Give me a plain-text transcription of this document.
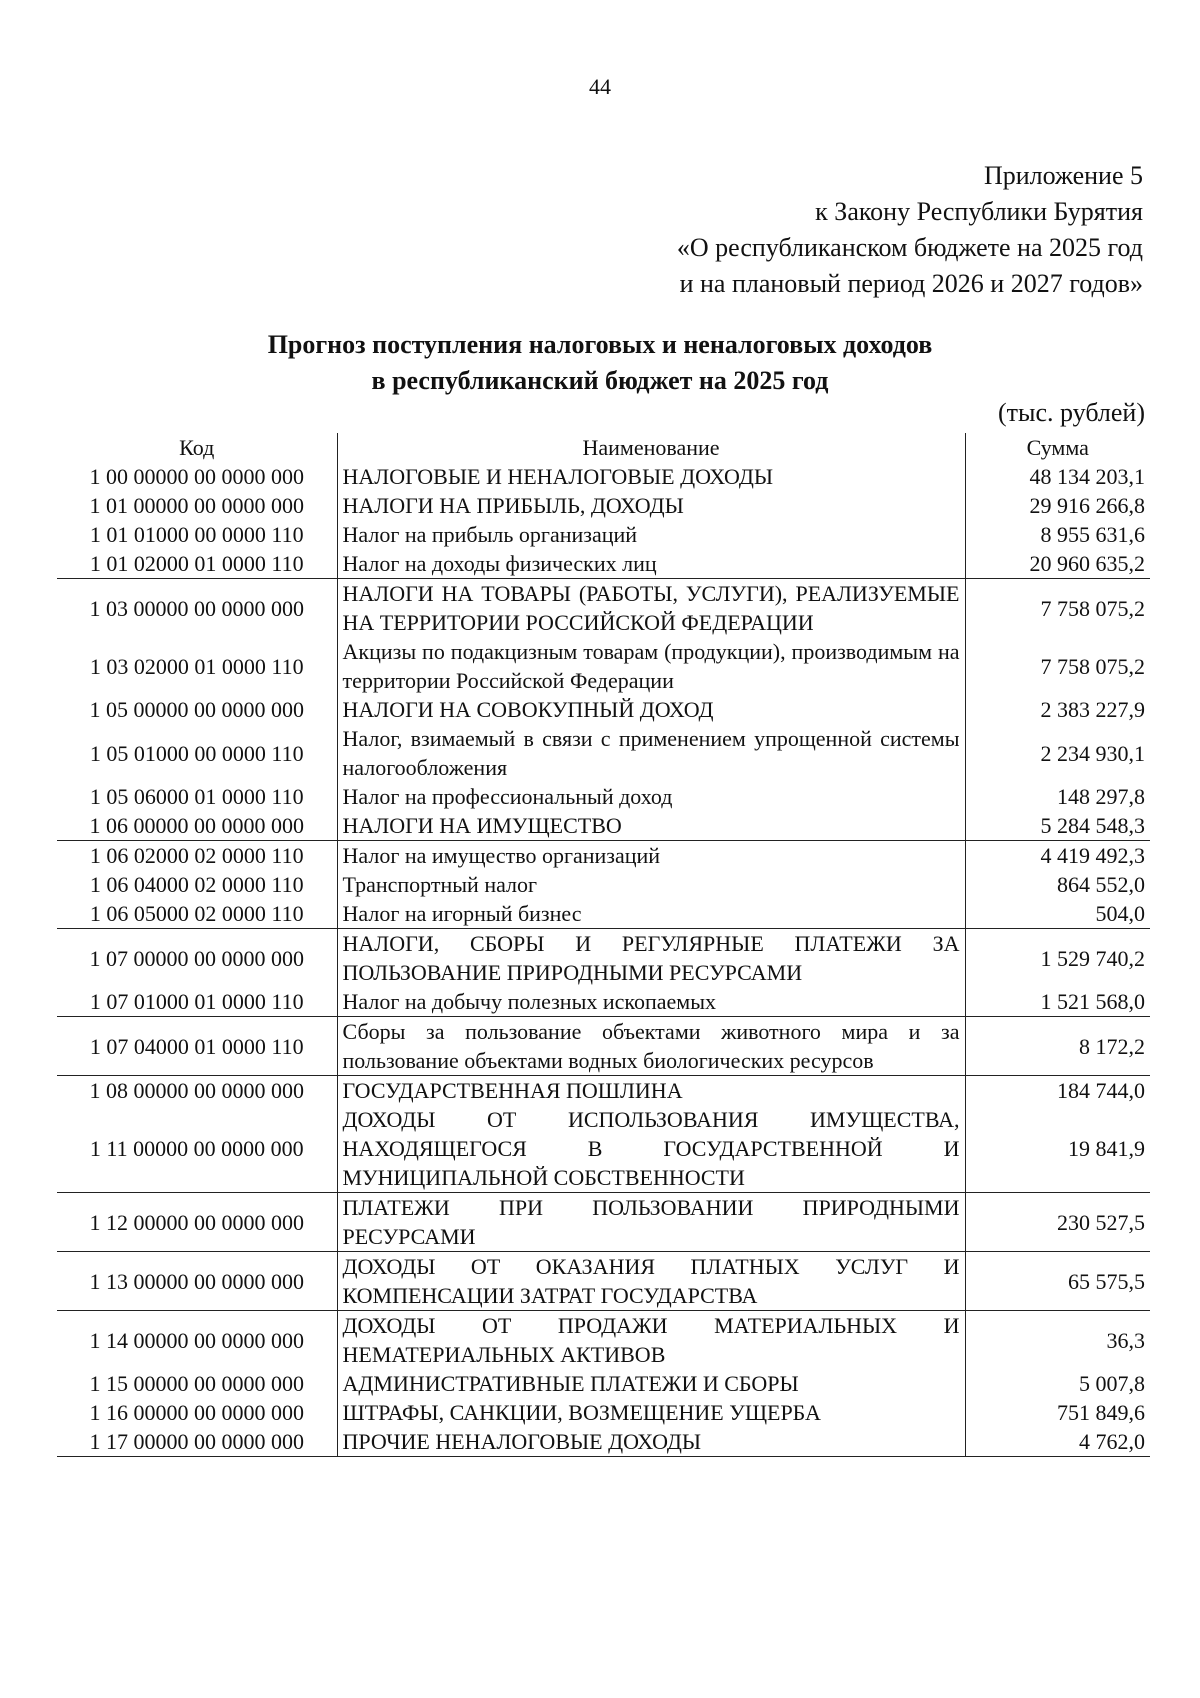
44
Приложение 5
к Закону Республики Бурятия
«О республиканском бюджете на 2025 год
и на плановый период 2026 и 2027 годов»
Прогноз поступления налоговых и неналоговых доходов
в республиканский бюджет на 2025 год
(тыс. рублей)
Код	Наименование	Сумма
1 00 00000 00 0000 000	НАЛОГОВЫЕ И НЕНАЛОГОВЫЕ ДОХОДЫ	48 134 203,1
1 01 00000 00 0000 000	НАЛОГИ НА ПРИБЫЛЬ, ДОХОДЫ	29 916 266,8
1 01 01000 00 0000 110	Налог на прибыль организаций	8 955 631,6
1 01 02000 01 0000 110	Налог на доходы физических лиц	20 960 635,2
1 03 00000 00 0000 000	НАЛОГИ НА ТОВАРЫ (РАБОТЫ, УСЛУГИ), РЕАЛИЗУЕМЫЕ НА ТЕРРИТОРИИ РОССИЙСКОЙ ФЕДЕРАЦИИ	7 758 075,2
1 03 02000 01 0000 110	Акцизы по подакцизным товарам (продукции), производимым на территории Российской Федерации	7 758 075,2
1 05 00000 00 0000 000	НАЛОГИ НА СОВОКУПНЫЙ ДОХОД	2 383 227,9
1 05 01000 00 0000 110	Налог, взимаемый в связи с применением упрощенной системы налогообложения	2 234 930,1
1 05 06000 01 0000 110	Налог на профессиональный доход	148 297,8
1 06 00000 00 0000 000	НАЛОГИ НА ИМУЩЕСТВО	5 284 548,3
1 06 02000 02 0000 110	Налог на имущество организаций	4 419 492,3
1 06 04000 02 0000 110	Транспортный налог	864 552,0
1 06 05000 02 0000 110	Налог на игорный бизнес	504,0
1 07 00000 00 0000 000	НАЛОГИ, СБОРЫ И РЕГУЛЯРНЫЕ ПЛАТЕЖИ ЗА ПОЛЬЗОВАНИЕ ПРИРОДНЫМИ РЕСУРСАМИ	1 529 740,2
1 07 01000 01 0000 110	Налог на добычу полезных ископаемых	1 521 568,0
1 07 04000 01 0000 110	Сборы за пользование объектами животного мира и за пользование объектами водных биологических ресурсов	8 172,2
1 08 00000 00 0000 000	ГОСУДАРСТВЕННАЯ ПОШЛИНА	184 744,0
1 11 00000 00 0000 000	ДОХОДЫ ОТ ИСПОЛЬЗОВАНИЯ ИМУЩЕСТВА, НАХОДЯЩЕГОСЯ В ГОСУДАРСТВЕННОЙ И МУНИЦИПАЛЬНОЙ СОБСТВЕННОСТИ	19 841,9
1 12 00000 00 0000 000	ПЛАТЕЖИ ПРИ ПОЛЬЗОВАНИИ ПРИРОДНЫМИ РЕСУРСАМИ	230 527,5
1 13 00000 00 0000 000	ДОХОДЫ ОТ ОКАЗАНИЯ ПЛАТНЫХ УСЛУГ И КОМПЕНСАЦИИ ЗАТРАТ ГОСУДАРСТВА	65 575,5
1 14 00000 00 0000 000	ДОХОДЫ ОТ ПРОДАЖИ МАТЕРИАЛЬНЫХ И НЕМАТЕРИАЛЬНЫХ АКТИВОВ	36,3
1 15 00000 00 0000 000	АДМИНИСТРАТИВНЫЕ ПЛАТЕЖИ И СБОРЫ	5 007,8
1 16 00000 00 0000 000	ШТРАФЫ, САНКЦИИ, ВОЗМЕЩЕНИЕ УЩЕРБА	751 849,6
1 17 00000 00 0000 000	ПРОЧИЕ НЕНАЛОГОВЫЕ ДОХОДЫ	4 762,0
